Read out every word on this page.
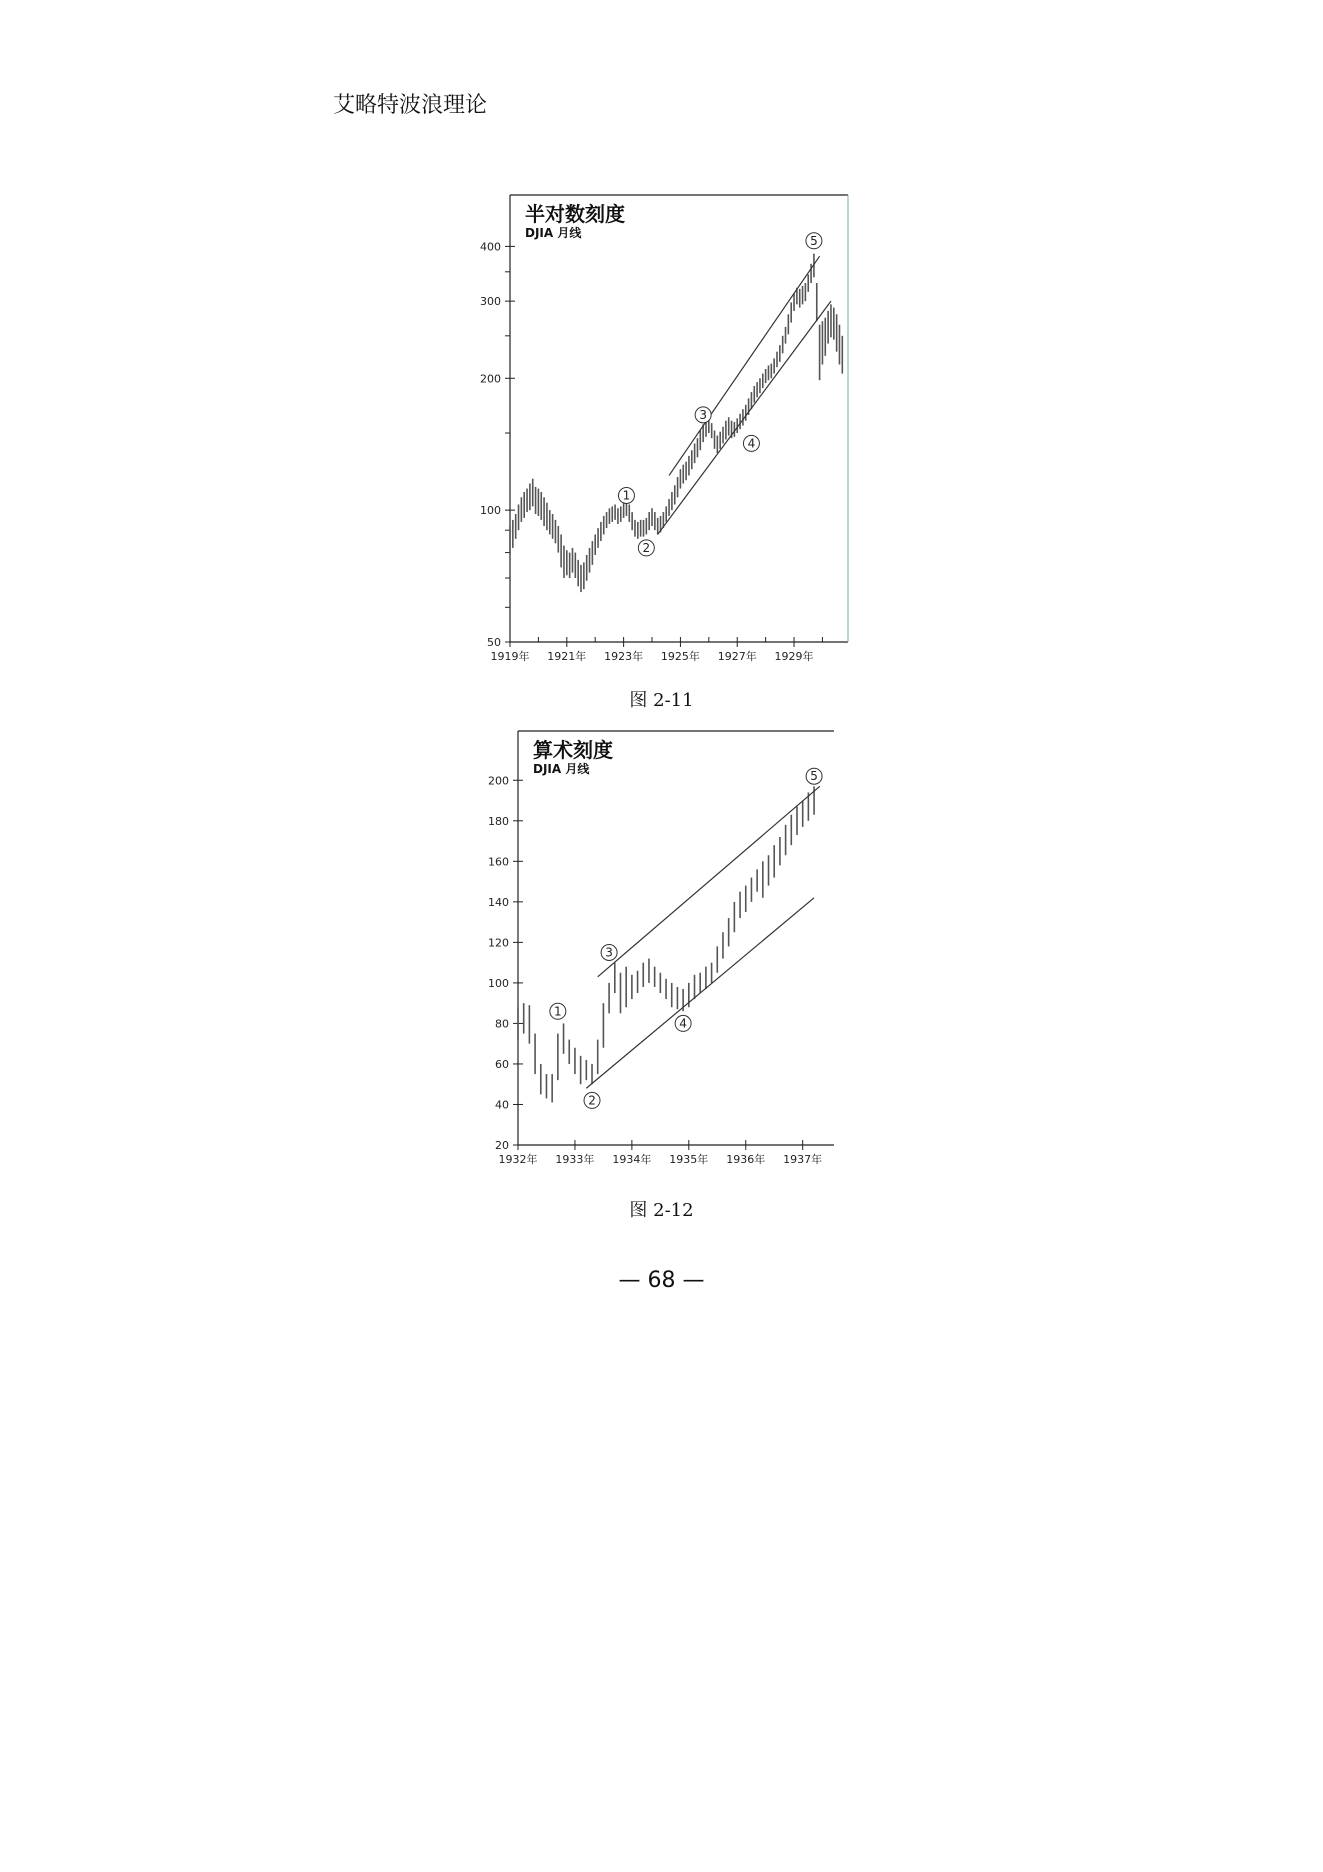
艾略特波浪理论
50
100
200
300
400
1919年 1921年 1923年 1925年 1927年 1929年
半对数刻度
DJIA 月线
1
2
3
4
5
图 2-11
20
40
60
80
100
120
140
160
180
200
1932年 1933年 1934年 1935年 1936年 1937年
算术刻度
DJIA 月线
1
2
3
4
5
图 2-12
— 68 —
